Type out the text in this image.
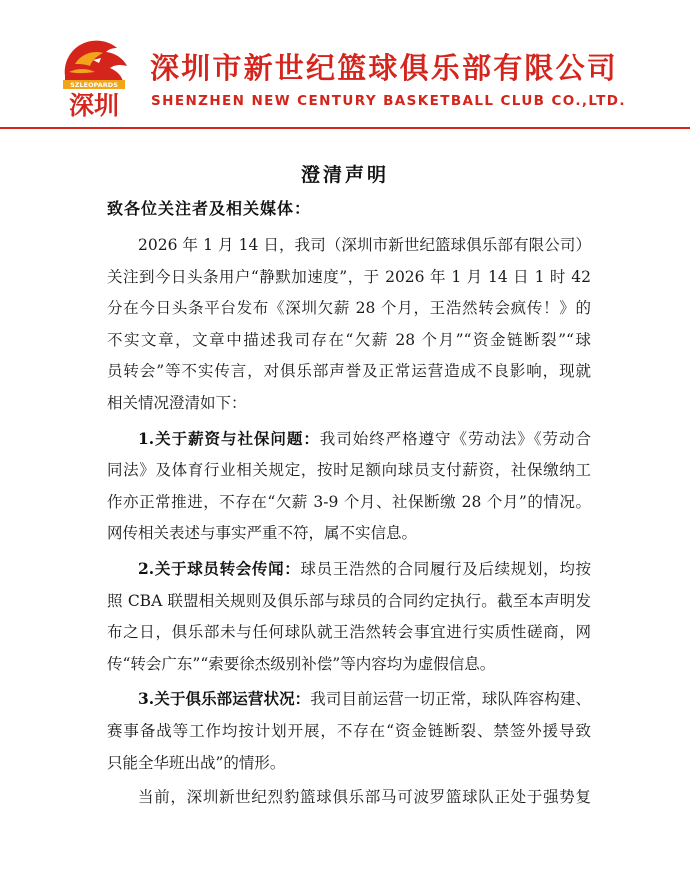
SZLEOPARDS
深圳
深圳市新世纪篮球俱乐部有限公司
SHENZHEN NEW CENTURY BASKETBALL CLUB CO.,LTD.
澄清声明
致各位关注者及相关媒体：
2026 年 1 月 14 日，我司（深圳市新世纪篮球俱乐部有限公司）
关注到今日头条用户“静默加速度”，于 2026 年 1 月 14 日 1 时 42
分在今日头条平台发布《深圳欠薪 28 个月，王浩然转会疯传！》的
不实文章，文章中描述我司存在“欠薪 28 个月”“资金链断裂”“球
员转会”等不实传言，对俱乐部声誉及正常运营造成不良影响，现就
相关情况澄清如下：
1.关于薪资与社保问题：我司始终严格遵守《劳动法》《劳动合
同法》及体育行业相关规定，按时足额向球员支付薪资，社保缴纳工
作亦正常推进，不存在“欠薪 3-9 个月、社保断缴 28 个月”的情况。
网传相关表述与事实严重不符，属不实信息。
2.关于球员转会传闻：球员王浩然的合同履行及后续规划，均按
照 CBA 联盟相关规则及俱乐部与球员的合同约定执行。截至本声明发
布之日，俱乐部未与任何球队就王浩然转会事宜进行实质性磋商，网
传“转会广东”“索要徐杰级别补偿”等内容均为虚假信息。
3.关于俱乐部运营状况：我司目前运营一切正常，球队阵容构建、
赛事备战等工作均按计划开展，不存在“资金链断裂、禁签外援导致
只能全华班出战”的情形。
当前，深圳新世纪烈豹篮球俱乐部马可波罗篮球队正处于强势复
